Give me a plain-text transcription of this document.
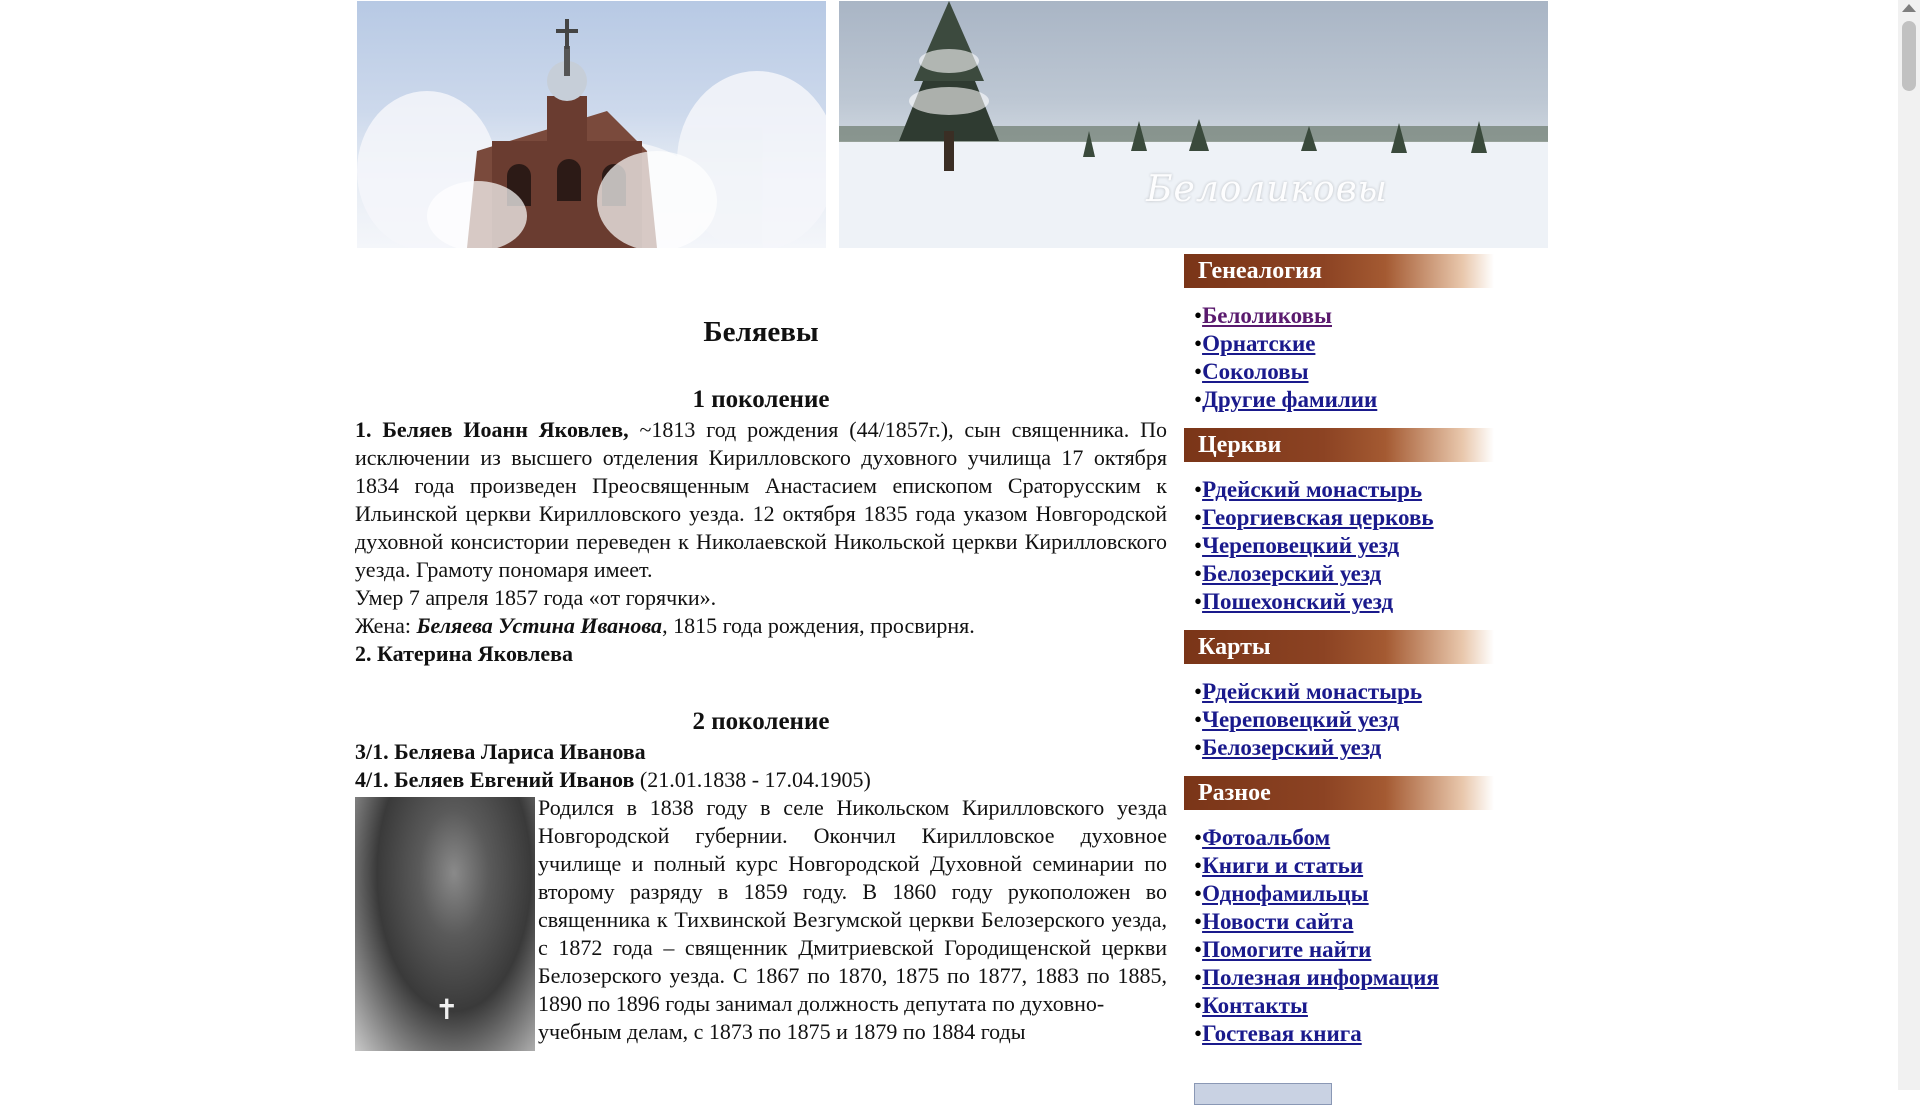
Белоликовы
Беляевы
1 поколение

1. Беляев Иоанн Яковлев, ~1813 год рождения (44/1857г.), сын священника. По исключении из высшего отделения Кирилловского духовного училища 17 октября 1834 года произведен Преосвященным Анастасием епископом Сраторусским к Ильинской церкви Кирилловского уезда. 12 октября 1835 года указом Новгородской духовной консистории переведен к Николаевской Никольской церкви Кирилловского уезда. Грамоту пономаря имеет.

Умер 7 апреля 1857 года «от горячки».

Жена: Беляева Устина Иванова, 1815 года рождения, просвирня.

2. Катерина Яковлева

2 поколение

3/1. Беляева Лариса Иванова

4/1. Беляев Евгений Иванов (21.01.1838 - 17.04.1905)

✝

Родился в 1838 году в селе Никольском Кирилловского уезда Новгородской губернии. Окончил Кирилловское духовное училище и полный курс Новгородской Духовной семинарии по второму разряду в 1859 году. В 1860 году рукоположен во священника к Тихвинской Везгумской церкви Белозерского уезда, с 1872 года – священник Дмитриевской Городищенской церкви Белозерского уезда. С 1867 по 1870, 1875 по 1877, 1883 по 1885, 1890 по 1896 годы занимал должность депутата по духовно-

учебным делам, с 1873 по 1875 и 1879 по 1884 годы

Генеалогия
• Белоликовы
• Орнатские
• Соколовы
• Другие фамилии
Церкви
• Рдейский монастырь
• Георгиевская церковь
• Череповецкий уезд
• Белозерский уезд
• Пошехонский уезд
Карты
• Рдейский монастырь
• Череповецкий уезд
• Белозерский уезд
Разное
• Фотоальбом
• Книги и статьи
• Однофамильцы
• Новости сайта
• Помогите найти
• Полезная информация
• Контакты
• Гостевая книга
